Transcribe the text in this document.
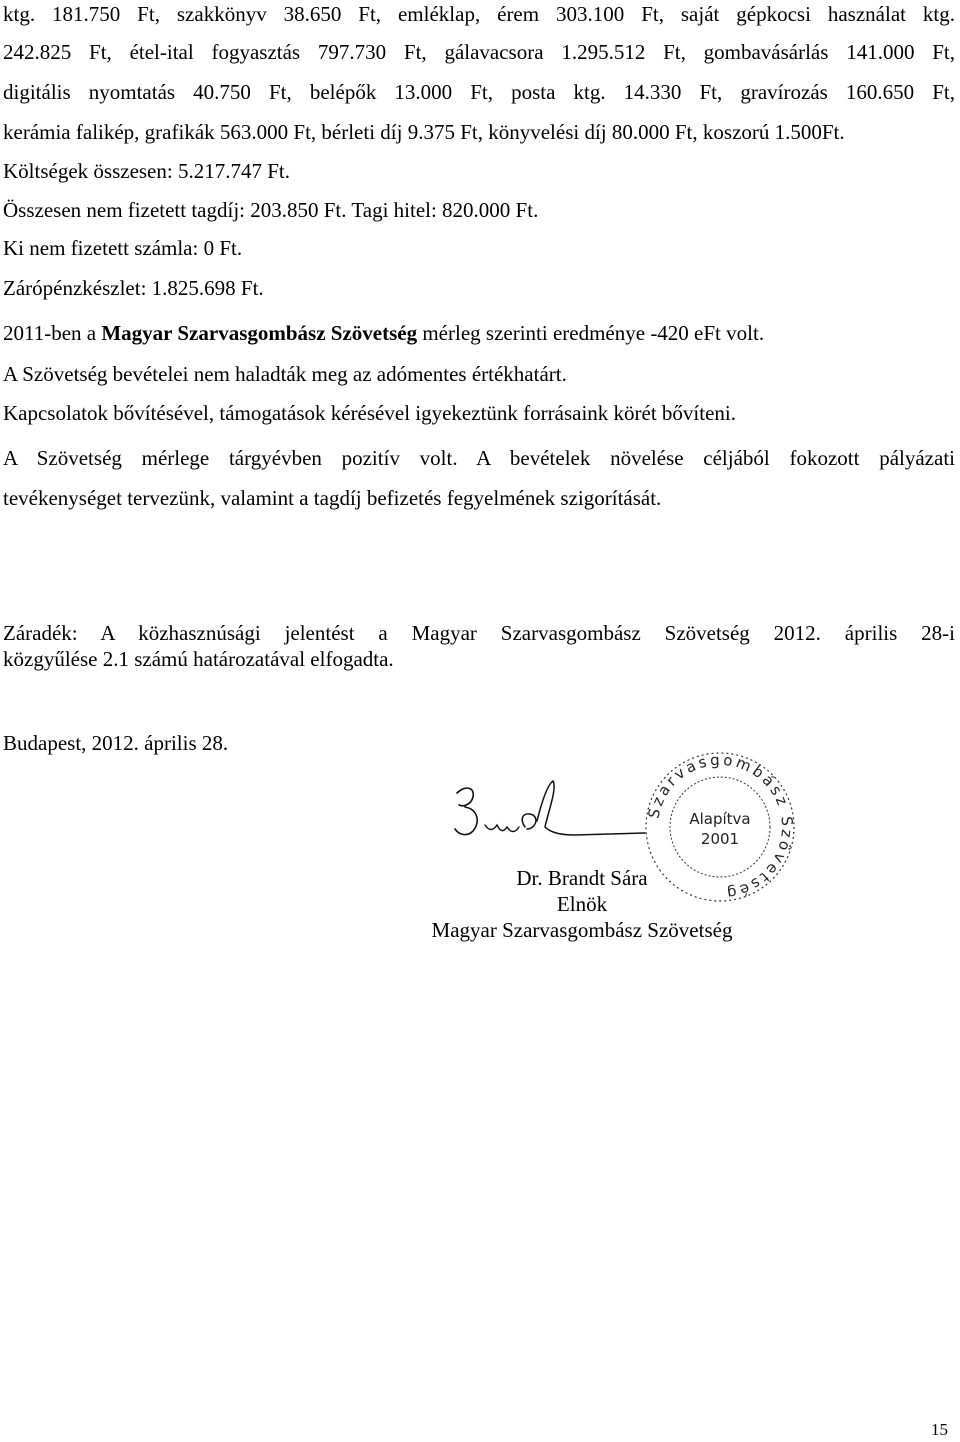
ktg. 181.750 Ft, szakkönyv 38.650 Ft, emléklap, érem 303.100 Ft, saját gépkocsi használat ktg.
242.825 Ft, étel-ital fogyasztás 797.730 Ft, gálavacsora 1.295.512 Ft, gombavásárlás 141.000 Ft,
digitális nyomtatás 40.750 Ft, belépők 13.000 Ft, posta ktg. 14.330 Ft, gravírozás 160.650 Ft,
kerámia falikép, grafikák 563.000 Ft, bérleti díj 9.375 Ft, könyvelési díj 80.000 Ft, koszorú 1.500Ft.
Költségek összesen: 5.217.747 Ft.
Összesen nem fizetett tagdíj: 203.850 Ft. Tagi hitel: 820.000 Ft.
Ki nem fizetett számla: 0 Ft.
Zárópénzkészlet: 1.825.698 Ft.
2011-ben a Magyar Szarvasgombász Szövetség mérleg szerinti eredménye -420 eFt volt.
A Szövetség bevételei nem haladták meg az adómentes értékhatárt.
Kapcsolatok bővítésével, támogatások kérésével igyekeztünk forrásaink körét bővíteni.
A Szövetség mérlege tárgyévben pozitív volt. A bevételek növelése céljából fokozott pályázati
tevékenységet tervezünk, valamint a tagdíj befizetés fegyelmének szigorítását.
Záradék: A közhasznúsági jelentést a Magyar Szarvasgombász Szövetség 2012. április 28-i
közgyűlése 2.1 számú határozatával elfogadta.
Budapest, 2012. április 28.
Szarvasgombász Szövetség
Alapítva
2001
Dr. Brandt Sára
Elnök
Magyar Szarvasgombász Szövetség
15
